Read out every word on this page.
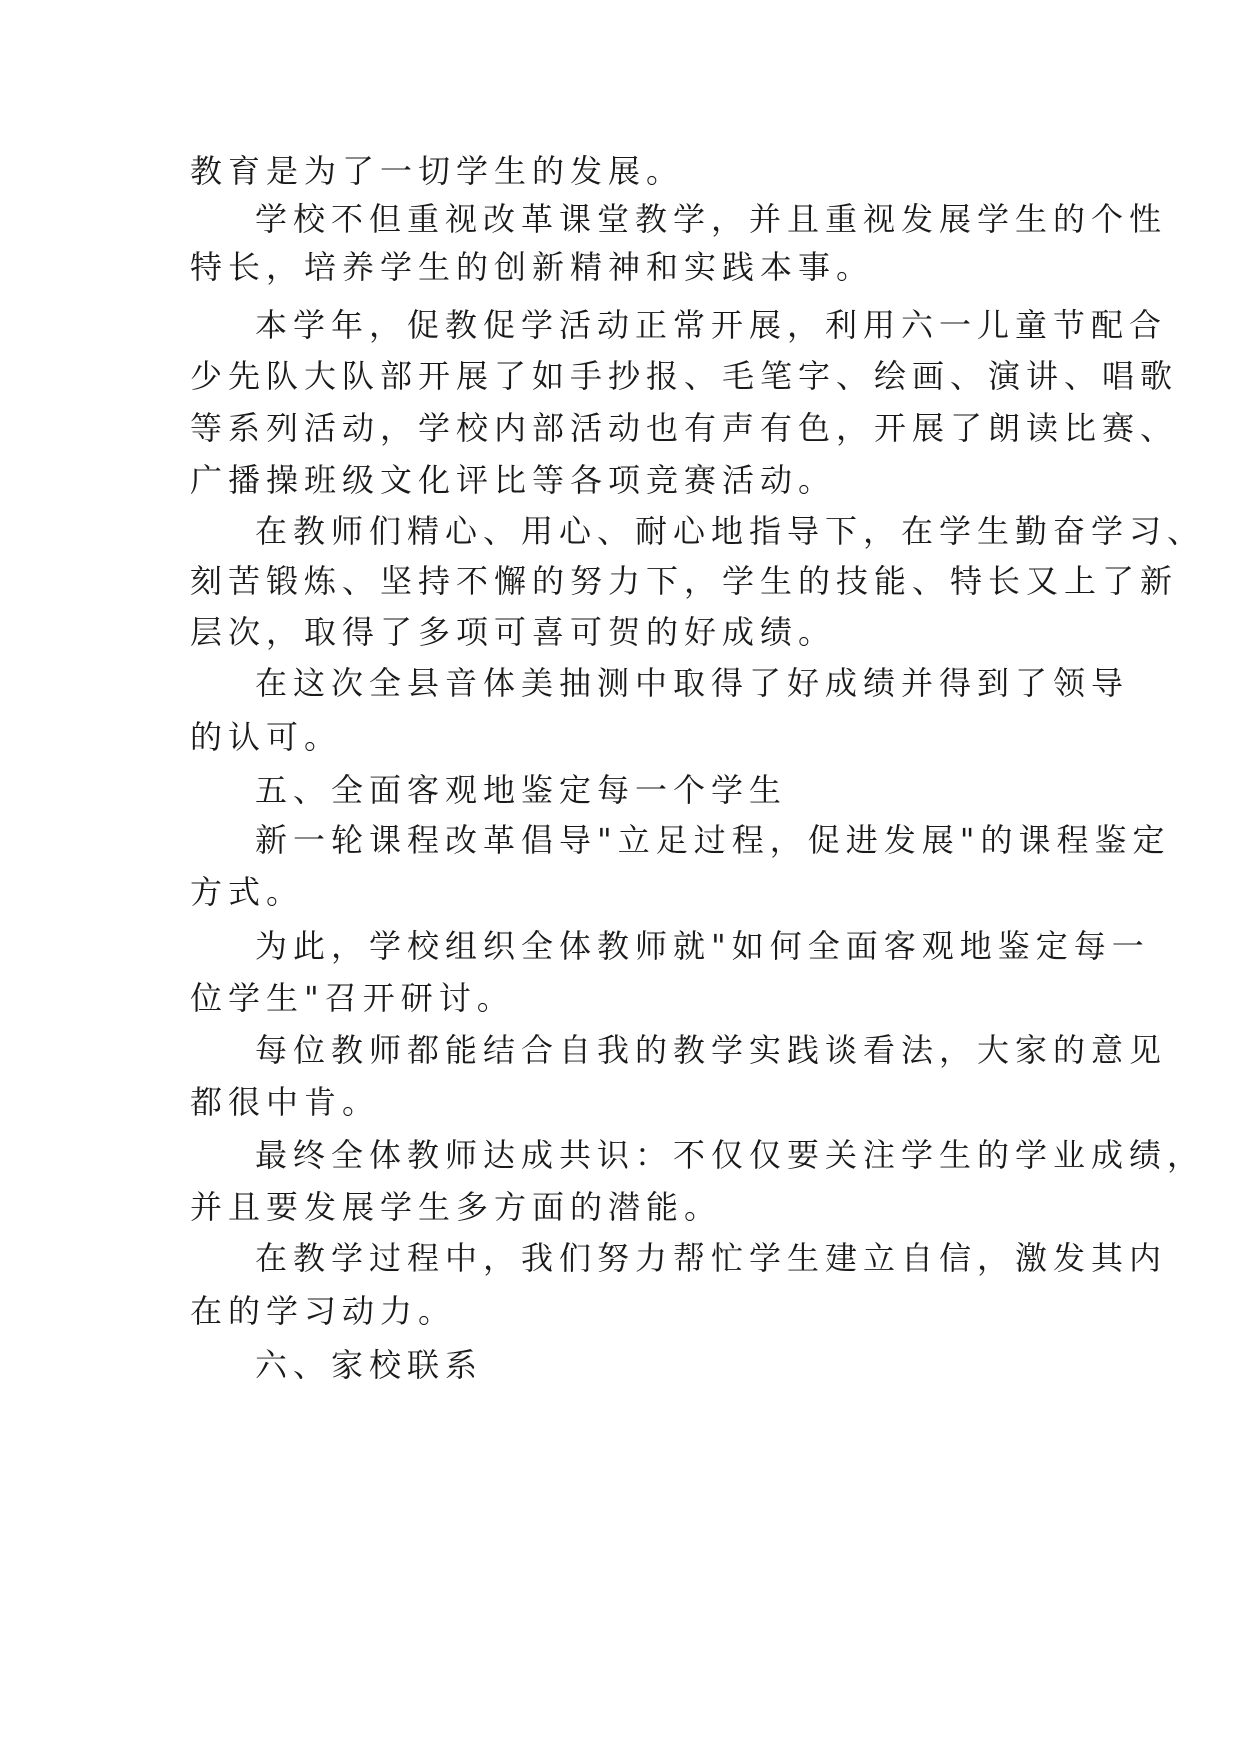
教育是为了一切学生的发展。
学校不但重视改革课堂教学，并且重视发展学生的个性
特长，培养学生的创新精神和实践本事。
本学年，促教促学活动正常开展，利用六一儿童节配合
少先队大队部开展了如手抄报、毛笔字、绘画、演讲、唱歌
等系列活动，学校内部活动也有声有色，开展了朗读比赛、
广播操班级文化评比等各项竞赛活动。
在教师们精心、用心、耐心地指导下，在学生勤奋学习、
刻苦锻炼、坚持不懈的努力下，学生的技能、特长又上了新
层次，取得了多项可喜可贺的好成绩。
在这次全县音体美抽测中取得了好成绩并得到了领导
的认可。
五、全面客观地鉴定每一个学生
新一轮课程改革倡导"立足过程，促进发展"的课程鉴定
方式。
为此，学校组织全体教师就"如何全面客观地鉴定每一
位学生"召开研讨。
每位教师都能结合自我的教学实践谈看法，大家的意见
都很中肯。
最终全体教师达成共识：不仅仅要关注学生的学业成绩，
并且要发展学生多方面的潜能。
在教学过程中，我们努力帮忙学生建立自信，激发其内
在的学习动力。
六、家校联系
